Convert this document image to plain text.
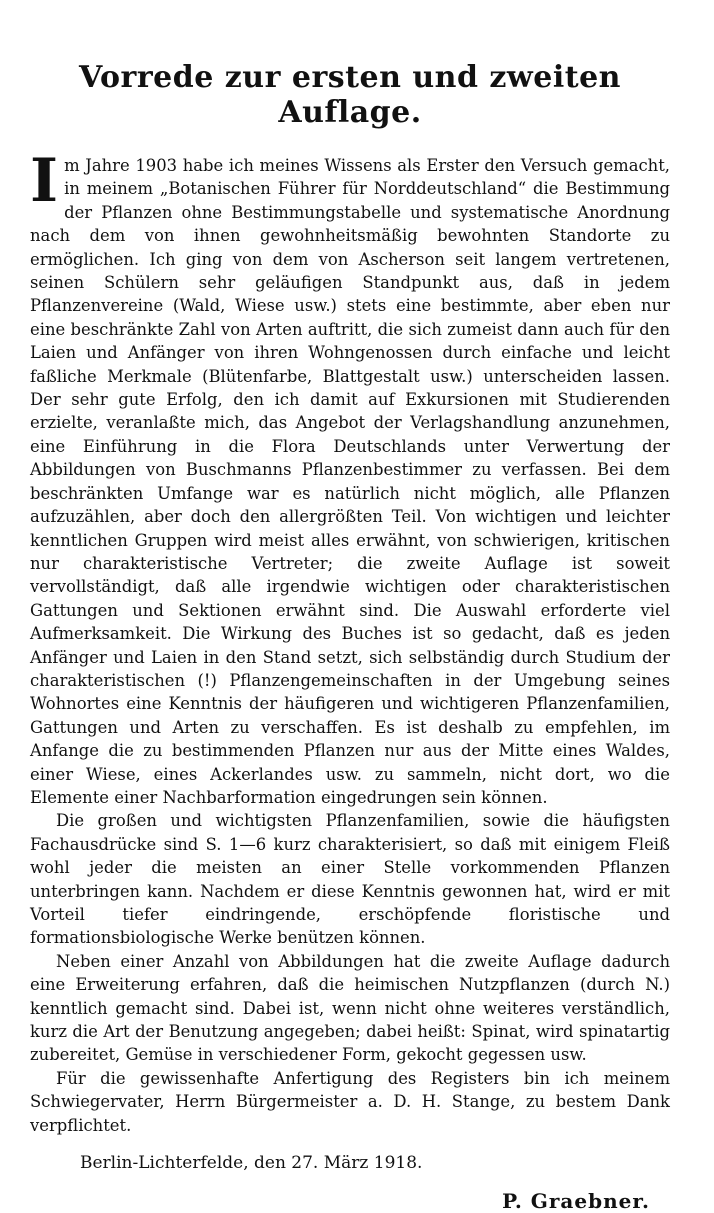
Vorrede zur ersten und zweiten Auflage.

Im Jahre 1903 habe ich meines Wissens als Erster den Versuch gemacht, in meinem „Botanischen Führer für Norddeutschland“ die Bestimmung der Pflanzen ohne Bestimmungstabelle und systematische Anordnung nach dem von ihnen gewohnheitsmäßig bewohnten Standorte zu ermöglichen. Ich ging von dem von Ascherson seit langem vertretenen, seinen Schülern sehr geläufigen Standpunkt aus, daß in jedem Pflanzenvereine (Wald, Wiese usw.) stets eine bestimmte, aber eben nur eine beschränkte Zahl von Arten auftritt, die sich zumeist dann auch für den Laien und Anfänger von ihren Wohngenossen durch einfache und leicht faßliche Merkmale (Blütenfarbe, Blattgestalt usw.) unterscheiden lassen. Der sehr gute Erfolg, den ich damit auf Exkursionen mit Studierenden erzielte, veranlaßte mich, das Angebot der Verlagshandlung anzunehmen, eine Einführung in die Flora Deutschlands unter Verwertung der Abbildungen von Buschmanns Pflanzenbestimmer zu verfassen. Bei dem beschränkten Umfange war es natürlich nicht möglich, alle Pflanzen aufzuzählen, aber doch den allergrößten Teil. Von wichtigen und leichter kenntlichen Gruppen wird meist alles erwähnt, von schwierigen, kritischen nur charakteristische Vertreter; die zweite Auflage ist soweit vervollständigt, daß alle irgendwie wichtigen oder charakteristischen Gattungen und Sektionen erwähnt sind. Die Auswahl erforderte viel Aufmerksamkeit. Die Wirkung des Buches ist so gedacht, daß es jeden Anfänger und Laien in den Stand setzt, sich selbständig durch Studium der charakteristischen (!) Pflanzengemeinschaften in der Umgebung seines Wohnortes eine Kenntnis der häufigeren und wichtigeren Pflanzenfamilien, Gattungen und Arten zu verschaffen. Es ist deshalb zu empfehlen, im Anfange die zu bestimmenden Pflanzen nur aus der Mitte eines Waldes, einer Wiese, eines Ackerlandes usw. zu sammeln, nicht dort, wo die Elemente einer Nachbarformation eingedrungen sein können.

Die großen und wichtigsten Pflanzenfamilien, sowie die häufigsten Fachausdrücke sind S. 1—6 kurz charakterisiert, so daß mit einigem Fleiß wohl jeder die meisten an einer Stelle vorkommenden Pflanzen unterbringen kann. Nachdem er diese Kenntnis gewonnen hat, wird er mit Vorteil tiefer eindringende, erschöpfende floristische und formationsbiologische Werke benützen können.

Neben einer Anzahl von Abbildungen hat die zweite Auflage dadurch eine Erweiterung erfahren, daß die heimischen Nutzpflanzen (durch N.) kenntlich gemacht sind. Dabei ist, wenn nicht ohne weiteres verständlich, kurz die Art der Benutzung angegeben; dabei heißt: Spinat, wird spinatartig zubereitet, Gemüse in verschiedener Form, gekocht gegessen usw.

Für die gewissenhafte Anfertigung des Registers bin ich meinem Schwiegervater, Herrn Bürgermeister a. D. H. Stange, zu bestem Dank verpflichtet.

Berlin-Lichterfelde, den 27. März 1918.
P. Graebner.
